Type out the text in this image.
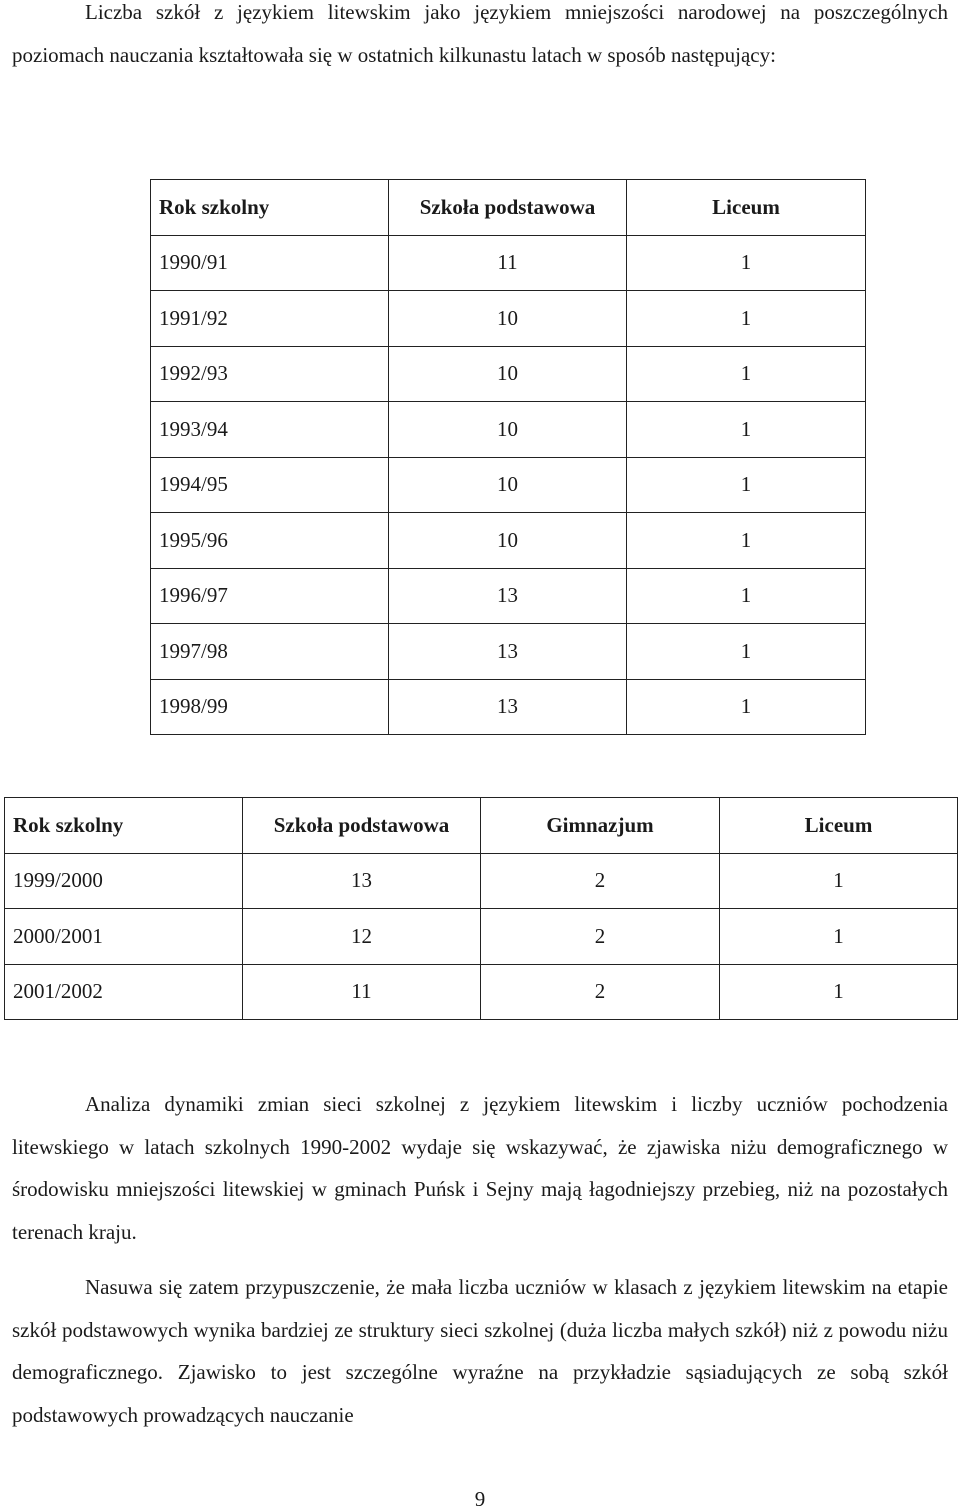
Liczba szkół z językiem litewskim jako językiem mniejszości narodowej na poszczególnych poziomach nauczania kształtowała się w ostatnich kilkunastu latach w sposób następujący:

Rok szkolny	Szkoła podstawowa	Liceum
1990/91	11	1
1991/92	10	1
1992/93	10	1
1993/94	10	1
1994/95	10	1
1995/96	10	1
1996/97	13	1
1997/98	13	1
1998/99	13	1
Rok szkolny	Szkoła podstawowa	Gimnazjum	Liceum
1999/2000	13	2	1
2000/2001	12	2	1
2001/2002	11	2	1

Analiza dynamiki zmian sieci szkolnej z językiem litewskim i liczby uczniów pochodzenia litewskiego w latach szkolnych 1990-2002 wydaje się wskazywać, że zjawiska niżu demograficznego w środowisku mniejszości litewskiej w gminach Puńsk i Sejny mają łagodniejszy przebieg, niż na pozostałych terenach kraju.

Nasuwa się zatem przypuszczenie, że mała liczba uczniów w klasach z językiem litewskim na etapie szkół podstawowych wynika bardziej ze struktury sieci szkolnej (duża liczba małych szkół) niż z powodu niżu demograficznego. Zjawisko to jest szczególne wyraźne na przykładzie sąsiadujących ze sobą szkół podstawowych prowadzących nauczanie

9
